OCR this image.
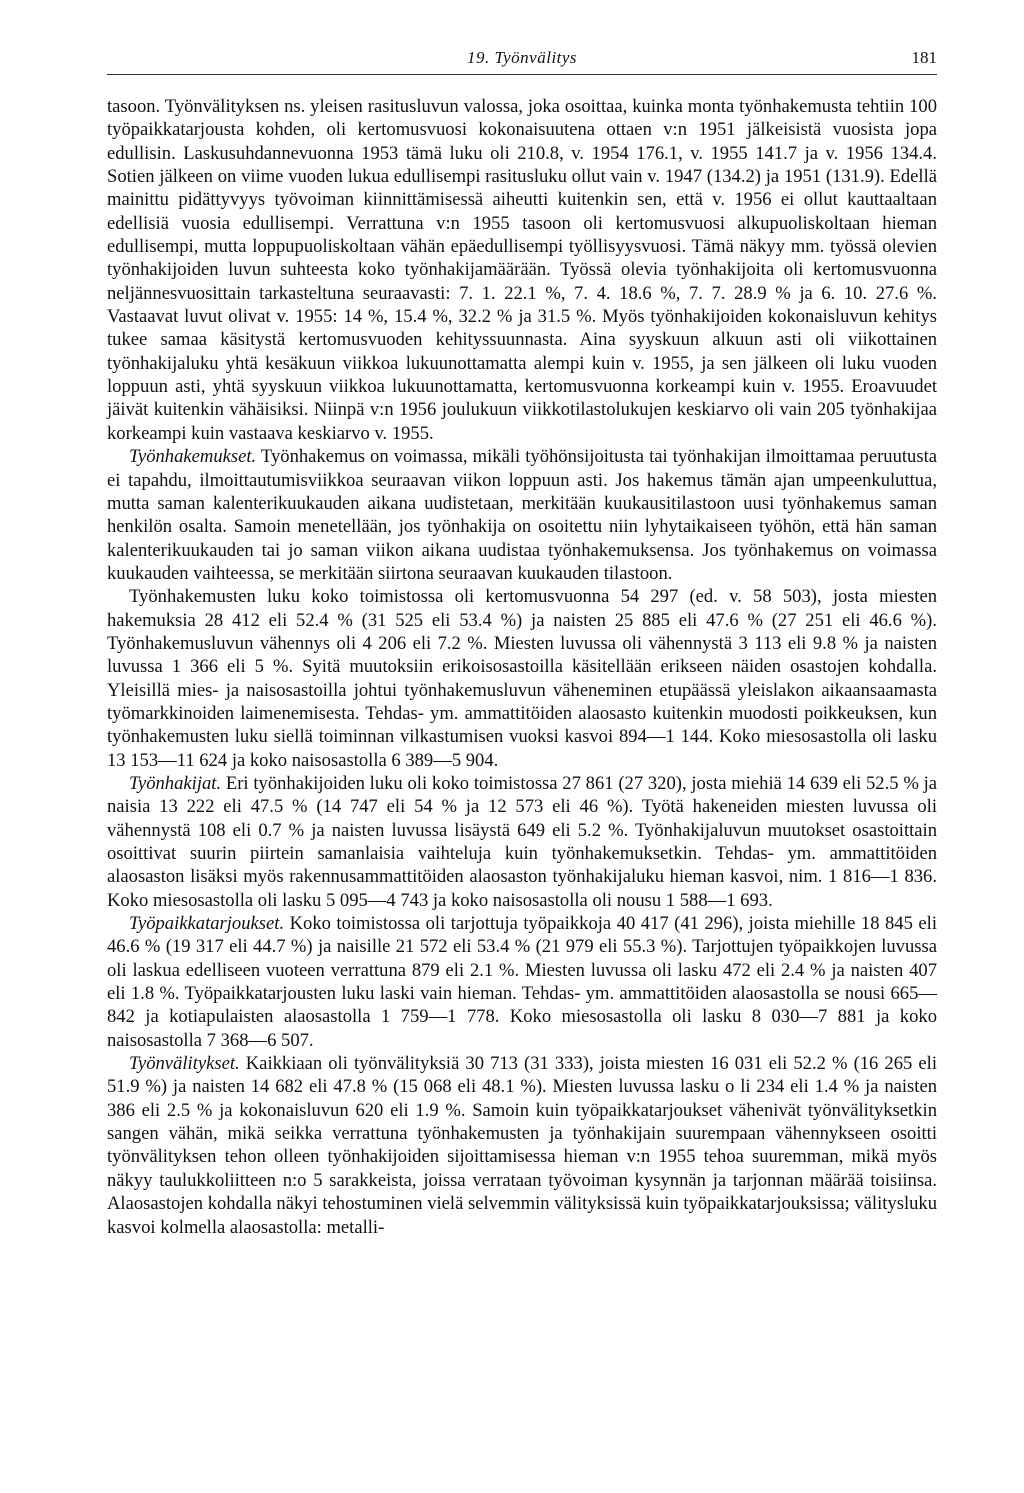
19. Työnvälitys	181

tasoon. Työnvälityksen ns. yleisen rasitusluvun valossa, joka osoittaa, kuinka monta työnhakemusta tehtiin 100 työpaikkatarjousta kohden, oli kertomusvuosi kokonaisuutena ottaen v:n 1951 jälkeisistä vuosista jopa edullisin. Laskusuhdannevuonna 1953 tämä luku oli 210.8, v. 1954 176.1, v. 1955 141.7 ja v. 1956 134.4. Sotien jälkeen on viime vuoden lukua edullisempi rasitusluku ollut vain v. 1947 (134.2) ja 1951 (131.9). Edellä mainittu pidättyvyys työvoiman kiinnittämisessä aiheutti kuitenkin sen, että v. 1956 ei ollut kauttaaltaan edellisiä vuosia edullisempi. Verrattuna v:n 1955 tasoon oli kertomusvuosi alkupuoliskoltaan hieman edullisempi, mutta loppupuoliskoltaan vähän epäedullisempi työllisyysvuosi. Tämä näkyy mm. työssä olevien työnhakijoiden luvun suhteesta koko työnhakijamäärään. Työssä olevia työnhakijoita oli kertomusvuonna neljännesvuosittain tarkasteltuna seuraavasti: 7. 1. 22.1 %, 7. 4. 18.6 %, 7. 7. 28.9 % ja 6. 10. 27.6 %. Vastaavat luvut olivat v. 1955: 14 %, 15.4 %, 32.2 % ja 31.5 %. Myös työnhakijoiden kokonaisluvun kehitys tukee samaa käsitystä kertomusvuoden kehityssuunnasta. Aina syyskuun alkuun asti oli viikottainen työnhakijaluku yhtä kesäkuun viikkoa lukuunottamatta alempi kuin v. 1955, ja sen jälkeen oli luku vuoden loppuun asti, yhtä syyskuun viikkoa lukuunottamatta, kertomusvuonna korkeampi kuin v. 1955. Eroavuudet jäivät kuitenkin vähäisiksi. Niinpä v:n 1956 joulukuun viikkotilastolukujen keskiarvo oli vain 205 työnhakijaa korkeampi kuin vastaava keskiarvo v. 1955.

Työnhakemukset. Työnhakemus on voimassa, mikäli työhönsijoitusta tai työnhakijan ilmoittamaa peruutusta ei tapahdu, ilmoittautumisviikkoa seuraavan viikon loppuun asti. Jos hakemus tämän ajan umpeenkuluttua, mutta saman kalenterikuukauden aikana uudistetaan, merkitään kuukausitilastoon uusi työnhakemus saman henkilön osalta. Samoin menetellään, jos työnhakija on osoitettu niin lyhytaikaiseen työhön, että hän saman kalenterikuukauden tai jo saman viikon aikana uudistaa työnhakemuksensa. Jos työnhakemus on voimassa kuukauden vaihteessa, se merkitään siirtona seuraavan kuukauden tilastoon.

Työnhakemusten luku koko toimistossa oli kertomusvuonna 54 297 (ed. v. 58 503), josta miesten hakemuksia 28 412 eli 52.4 % (31 525 eli 53.4 %) ja naisten 25 885 eli 47.6 % (27 251 eli 46.6 %). Työnhakemusluvun vähennys oli 4 206 eli 7.2 %. Miesten luvussa oli vähennystä 3 113 eli 9.8 % ja naisten luvussa 1 366 eli 5 %. Syitä muutoksiin erikoisosastoilla käsitellään erikseen näiden osastojen kohdalla. Yleisillä mies- ja naisosastoilla johtui työnhakemusluvun väheneminen etupäässä yleislakon aikaansaamasta työmarkkinoiden laimenemisesta. Tehdas- ym. ammattitöiden alaosasto kuitenkin muodosti poikkeuksen, kun työnhakemusten luku siellä toiminnan vilkastumisen vuoksi kasvoi 894—1 144. Koko miesosastolla oli lasku 13 153—11 624 ja koko naisosastolla 6 389—5 904.

Työnhakijat. Eri työnhakijoiden luku oli koko toimistossa 27 861 (27 320), josta miehiä 14 639 eli 52.5 % ja naisia 13 222 eli 47.5 % (14 747 eli 54 % ja 12 573 eli 46 %). Työtä hakeneiden miesten luvussa oli vähennystä 108 eli 0.7 % ja naisten luvussa lisäystä 649 eli 5.2 %. Työnhakijaluvun muutokset osastoittain osoittivat suurin piirtein samanlaisia vaihteluja kuin työnhakemuksetkin. Tehdas- ym. ammattitöiden alaosaston lisäksi myös rakennusammattitöiden alaosaston työnhakijaluku hieman kasvoi, nim. 1 816—1 836. Koko miesosastolla oli lasku 5 095—4 743 ja koko naisosastolla oli nousu 1 588—1 693.

Työpaikkatarjoukset. Koko toimistossa oli tarjottuja työpaikkoja 40 417 (41 296), joista miehille 18 845 eli 46.6 % (19 317 eli 44.7 %) ja naisille 21 572 eli 53.4 % (21 979 eli 55.3 %). Tarjottujen työpaikkojen luvussa oli laskua edelliseen vuoteen verrattuna 879 eli 2.1 %. Miesten luvussa oli lasku 472 eli 2.4 % ja naisten 407 eli 1.8 %. Työpaikkatarjousten luku laski vain hieman. Tehdas- ym. ammattitöiden alaosastolla se nousi 665—842 ja kotiapulaisten alaosastolla 1 759—1 778. Koko miesosastolla oli lasku 8 030—7 881 ja koko naisosastolla 7 368—6 507.

Työnvälitykset. Kaikkiaan oli työnvälityksiä 30 713 (31 333), joista miesten 16 031 eli 52.2 % (16 265 eli 51.9 %) ja naisten 14 682 eli 47.8 % (15 068 eli 48.1 %). Miesten luvussa lasku o li 234 eli 1.4 % ja naisten 386 eli 2.5 % ja kokonaisluvun 620 eli 1.9 %. Samoin kuin työpaikkatarjoukset vähenivät työnvälityksetkin sangen vähän, mikä seikka verrattuna työnhakemusten ja työnhakijain suurempaan vähennykseen osoitti työnvälityksen tehon olleen työnhakijoiden sijoittamisessa hieman v:n 1955 tehoa suuremman, mikä myös näkyy taulukkoliitteen n:o 5 sarakkeista, joissa verrataan työvoiman kysynnän ja tarjonnan määrää toisiinsa. Alaosastojen kohdalla näkyi tehostuminen vielä selvemmin välityksissä kuin työpaikkatarjouksissa; välitysluku kasvoi kolmella alaosastolla: metalli-
